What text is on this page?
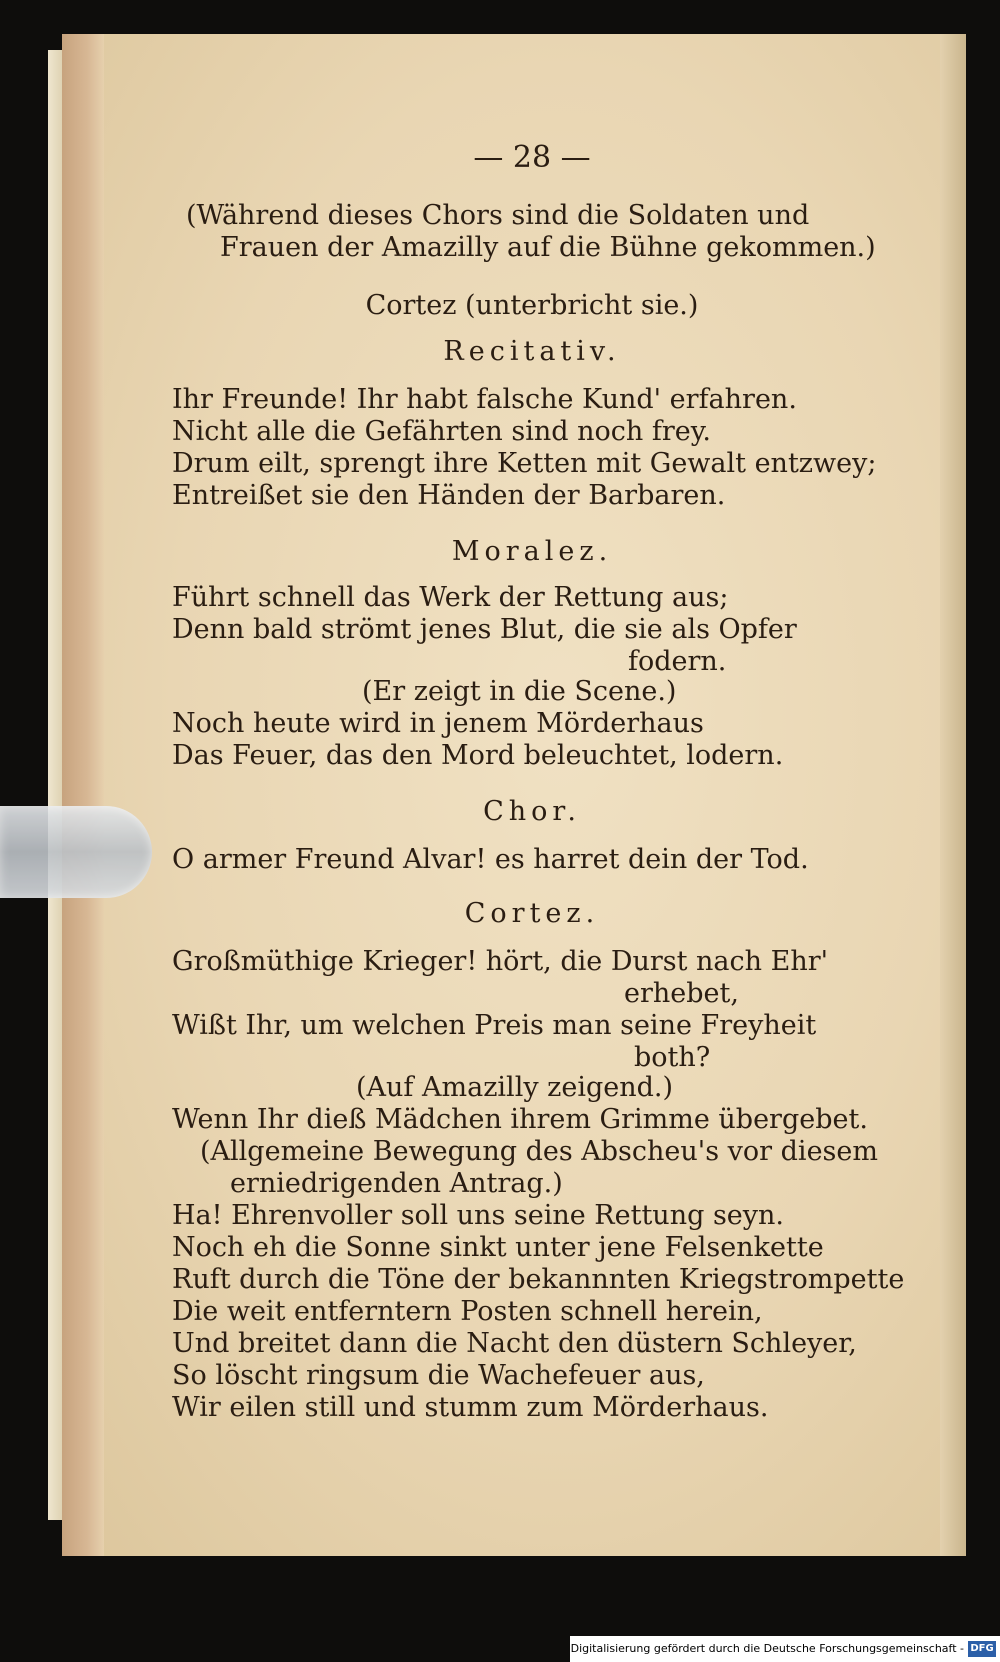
— 28 —
(Während dieses Chors sind die Soldaten und
Frauen der Amazilly auf die Bühne gekommen.)
Cortez (unterbricht sie.)
Recitativ.
Ihr Freunde! Ihr habt falsche Kund' erfahren.
Nicht alle die Gefährten sind noch frey.
Drum eilt, sprengt ihre Ketten mit Gewalt entzwey;
Entreißet sie den Händen der Barbaren.
Moralez.
Führt schnell das Werk der Rettung aus;
Denn bald strömt jenes Blut, die sie als Opfer
fodern.
(Er zeigt in die Scene.)
Noch heute wird in jenem Mörderhaus
Das Feuer, das den Mord beleuchtet, lodern.
Chor.
O armer Freund Alvar! es harret dein der Tod.
Cortez.
Großmüthige Krieger! hört, die Durst nach Ehr'
erhebet,
Wißt Ihr, um welchen Preis man seine Freyheit
both?
(Auf Amazilly zeigend.)
Wenn Ihr dieß Mädchen ihrem Grimme übergebet.
(Allgemeine Bewegung des Abscheu's vor diesem
erniedrigenden Antrag.)
Ha! Ehrenvoller soll uns seine Rettung seyn.
Noch eh die Sonne sinkt unter jene Felsenkette
Ruft durch die Töne der bekannnten Kriegstrompette
Die weit entferntern Posten schnell herein,
Und breitet dann die Nacht den düstern Schleyer,
So löscht ringsum die Wachefeuer aus,
Wir eilen still und stumm zum Mörderhaus.
Digitalisierung gefördert durch die Deutsche Forschungsgemeinschaft - DFG
